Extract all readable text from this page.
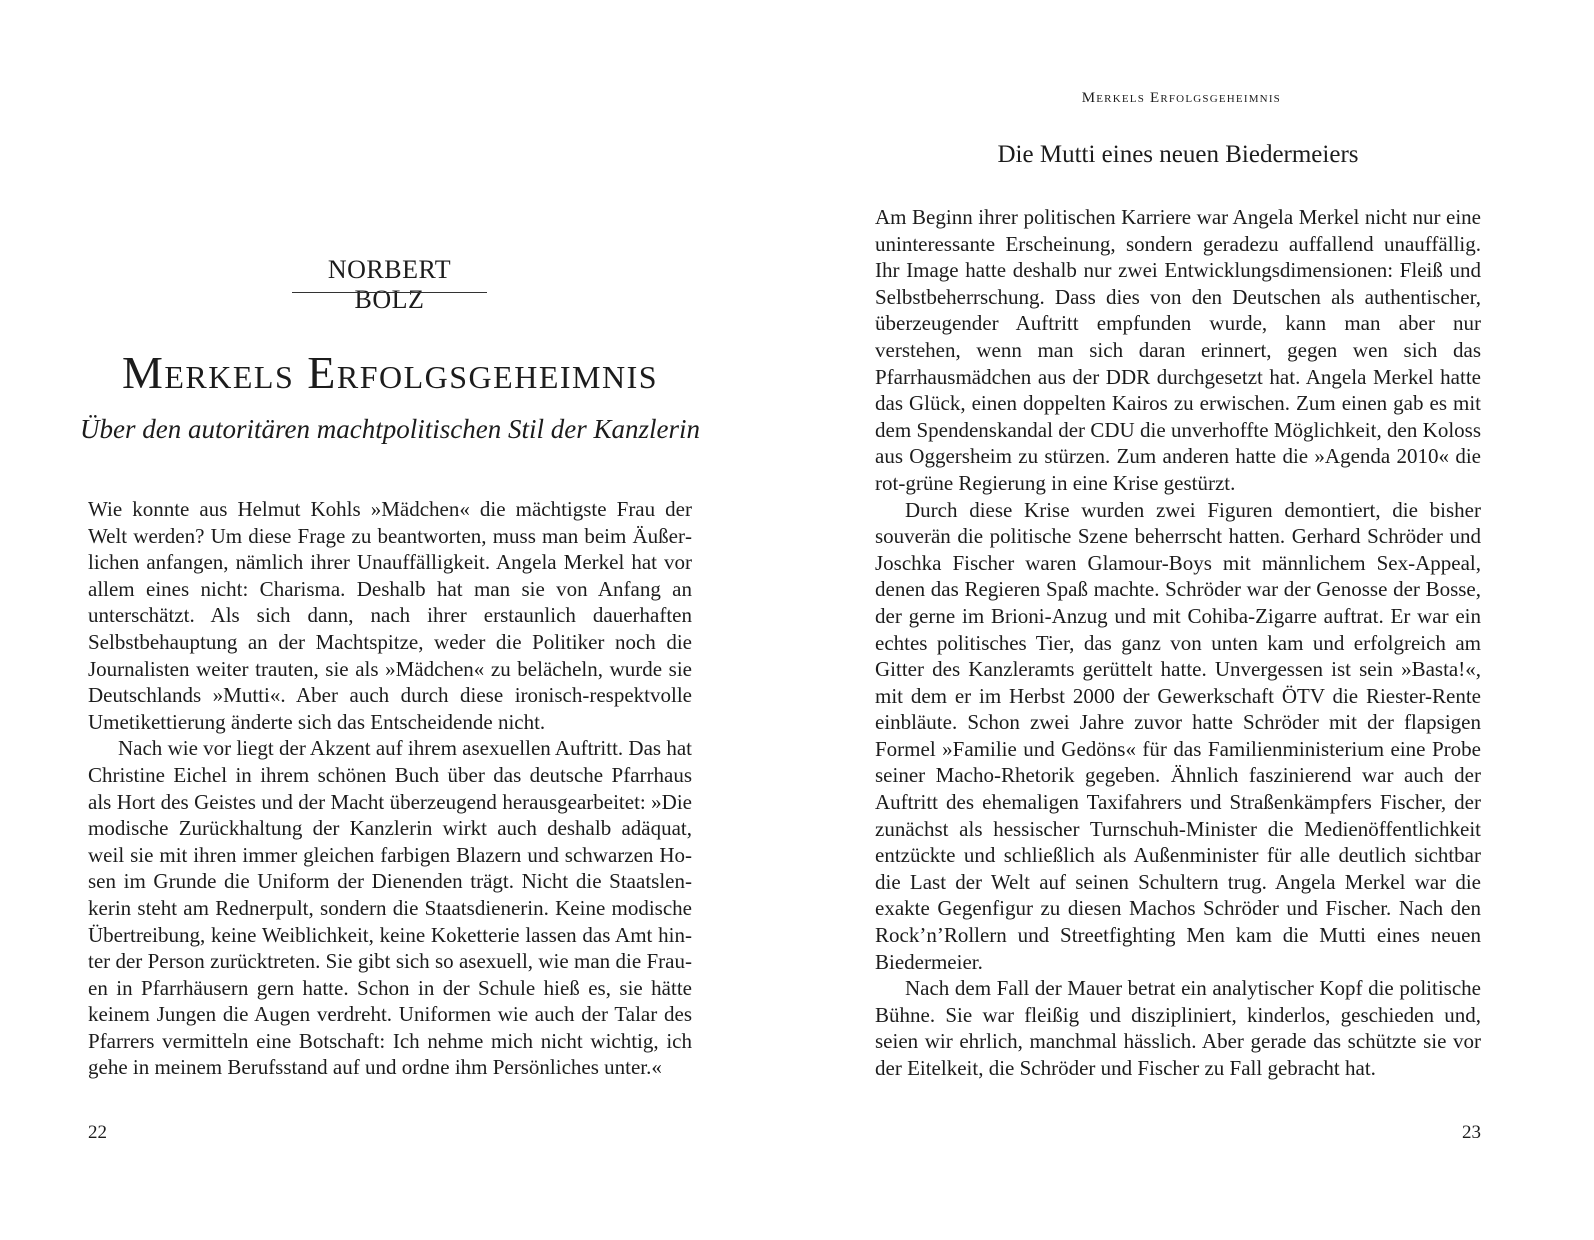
NORBERT BOLZ
Merkels Erfolgsgeheimnis
Über den autoritären machtpolitischen Stil der Kanzlerin

Wie konnte aus Helmut Kohls »Mädchen« die mächtigste Frau der Welt werden? Um diese Frage zu beantworten, muss man beim Äußerlichen anfangen, nämlich ihrer Unauffälligkeit. Angela Merkel hat vor allem eines nicht: Charisma. Deshalb hat man sie von Anfang an unterschätzt. Als sich dann, nach ihrer erstaunlich dauerhaften Selbstbehauptung an der Machtspitze, weder die Politiker noch die Journalisten weiter trauten, sie als »Mädchen« zu belächeln, wurde sie Deutschlands »Mutti«. Aber auch durch diese ironisch-respektvolle Umetikettierung änderte sich das Entscheidende nicht.

Nach wie vor liegt der Akzent auf ihrem asexuellen Auftritt. Das hat Christine Eichel in ihrem schönen Buch über das deutsche Pfarrhaus als Hort des Geistes und der Macht überzeugend herausgearbeitet: »Die modische Zurückhaltung der Kanzlerin wirkt auch deshalb adäquat, weil sie mit ihren immer gleichen farbigen Blazern und schwarzen Hosen im Grunde die Uniform der Dienenden trägt. Nicht die Staatslenkerin steht am Rednerpult, sondern die Staatsdienerin. Keine modische Übertreibung, keine Weiblichkeit, keine Koketterie lassen das Amt hinter der Person zurücktreten. Sie gibt sich so asexuell, wie man die Frauen in Pfarrhäusern gern hatte. Schon in der Schule hieß es, sie hätte keinem Jungen die Augen verdreht. Uniformen wie auch der Talar des Pfarrers vermitteln eine Botschaft: Ich nehme mich nicht wichtig, ich gehe in meinem Berufsstand auf und ordne ihm Persönliches unter.«

22
Merkels Erfolgsgeheimnis
Die Mutti eines neuen Biedermeiers

Am Beginn ihrer politischen Karriere war Angela Merkel nicht nur eine uninteressante Erscheinung, sondern geradezu auffallend unauffällig. Ihr Image hatte deshalb nur zwei Entwicklungsdimensionen: Fleiß und Selbstbeherrschung. Dass dies von den Deutschen als authentischer, überzeugender Auftritt empfunden wurde, kann man aber nur verstehen, wenn man sich daran erinnert, gegen wen sich das Pfarrhausmädchen aus der DDR durchgesetzt hat. Angela Merkel hatte das Glück, einen doppelten Kairos zu erwischen. Zum einen gab es mit dem Spendenskandal der CDU die unverhoffte Möglichkeit, den Koloss aus Oggersheim zu stürzen. Zum anderen hatte die »Agenda 2010« die rot-grüne Regierung in eine Krise gestürzt.

Durch diese Krise wurden zwei Figuren demontiert, die bisher souverän die politische Szene beherrscht hatten. Gerhard Schröder und Joschka Fischer waren Glamour-Boys mit männlichem Sex-Appeal, denen das Regieren Spaß machte. Schröder war der Genosse der Bosse, der gerne im Brioni-Anzug und mit Cohiba-Zigarre auftrat. Er war ein echtes politisches Tier, das ganz von unten kam und erfolgreich am Gitter des Kanzleramts gerüttelt hatte. Unvergessen ist sein »Basta!«, mit dem er im Herbst 2000 der Gewerkschaft ÖTV die Riester-Rente einbläute. Schon zwei Jahre zuvor hatte Schröder mit der flapsigen Formel »Familie und Gedöns« für das Familienministerium eine Probe seiner Macho-Rhetorik gegeben. Ähnlich faszinierend war auch der Auftritt des ehemaligen Taxifahrers und Straßenkämpfers Fischer, der zunächst als hessischer Turnschuh-Minister die Medienöffentlichkeit entzückte und schließlich als Außenminister für alle deutlich sichtbar die Last der Welt auf seinen Schultern trug. Angela Merkel war die exakte Gegenfigur zu diesen Machos Schröder und Fischer. Nach den Rock’n’Rollern und Streetfighting Men kam die Mutti eines neuen Biedermeier.

Nach dem Fall der Mauer betrat ein analytischer Kopf die politische Bühne. Sie war fleißig und diszipliniert, kinderlos, geschieden und, seien wir ehrlich, manchmal hässlich. Aber gerade das schützte sie vor der Eitelkeit, die Schröder und Fischer zu Fall gebracht hat.

23
